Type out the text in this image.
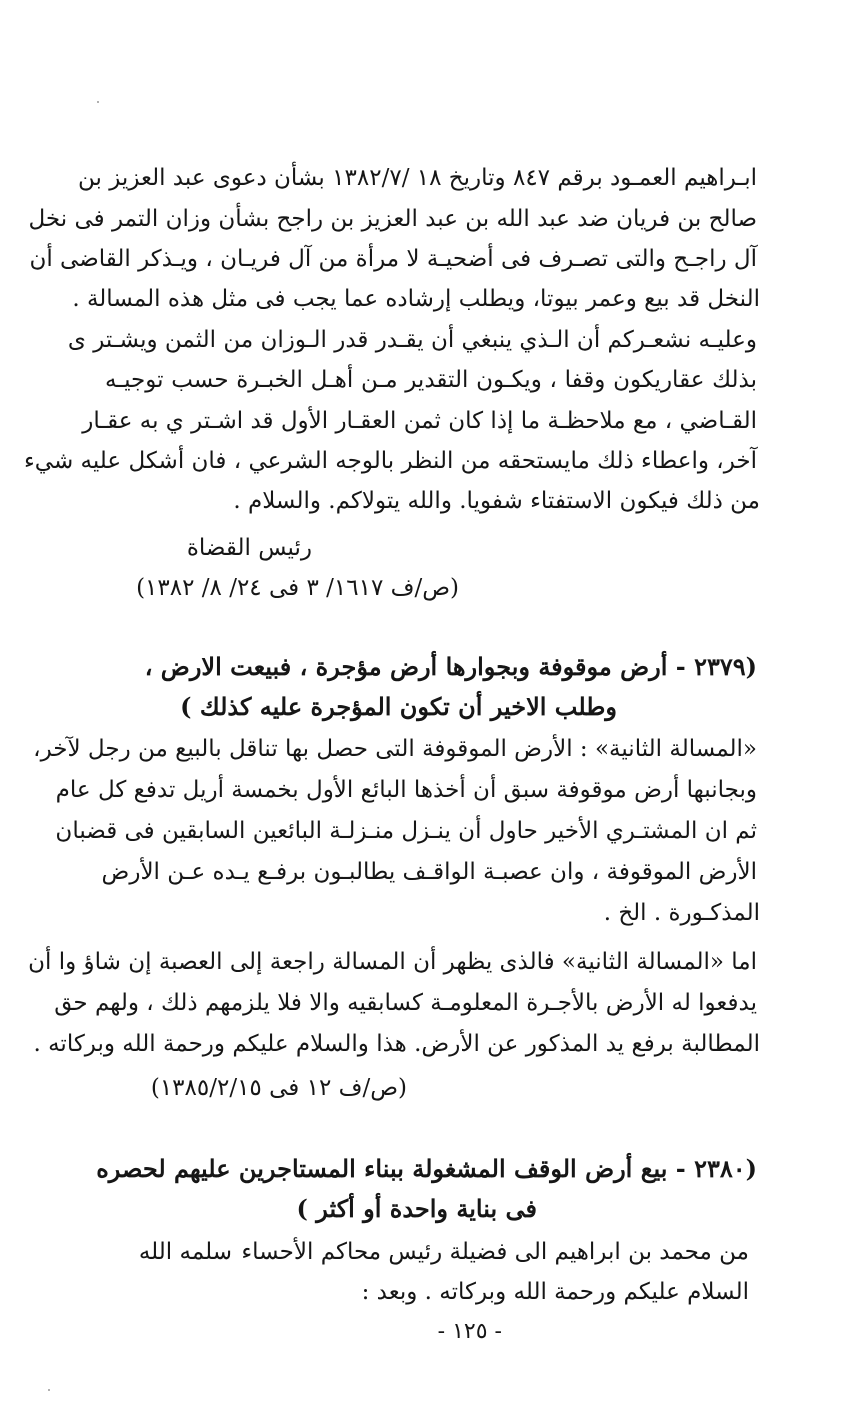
ابـراهيم العمـود برقم ٨٤٧ وتاريخ ١٨ /١٣٨٢/٧ بشأن دعوى عبد العزيز بن
صالح بن فريان ضد عبد الله بن عبد العزيز بن راجح بشأن وزان التمر فى نخل
آل راجـح والتى تصـرف فى أضحيـة لا مرأة من آل فريـان ، ويـذكر القاضى أن
النخل قد بيع وعمر بيوتا، ويطلب إرشاده عما يجب فى مثل هذه المسالة .
وعليـه نشعـركم أن الـذي ينبغي أن يقـدر قدر الـوزان من الثمن ويشـتر ى
بذلك عقاريكون وقفا ، ويكـون التقدير مـن أهـل الخبـرة حسب توجيـه
القـاضي ، مع ملاحظـة ما إذا كان ثمن العقـار الأول قد اشـتر ي به عقـار
آخر، واعطاء ذلك مايستحقه من النظر بالوجه الشرعي ، فان أشكل عليه شيء
من ذلك فيكون الاستفتاء شفويا. والله يتولاكم. والسلام .
رئيس القضاة
(ص/ف ١٦١٧/ ٣ فى ٢٤/ ٨/ ١٣٨٢)
(٢٣٧٩ - أرض موقوفة وبجوارها أرض مؤجرة ، فبيعت الارض ،
وطلب الاخير أن تكون المؤجرة عليه كذلك )
«المسالة الثانية» : الأرض الموقوفة التى حصل بها تناقل بالبيع من رجل لآخر،
وبجانبها أرض موقوفة سبق أن أخذها البائع الأول بخمسة أريل تدفع كل عام
ثم ان المشتـري الأخير حاول أن ينـزل منـزلـة البائعين السابقين فى قضبان
الأرض الموقوفة ، وان عصبـة الواقـف يطالبـون برفـع يـده عـن الأرض
المذكـورة . الخ .
اما «المسالة الثانية» فالذى يظهر أن المسالة راجعة إلى العصبة إن شاؤ وا أن
يدفعوا له الأرض بالأجـرة المعلومـة كسابقيه والا فلا يلزمهم ذلك ، ولهم حق
المطالبة برفع يد المذكور عن الأرض. هذا والسلام عليكم ورحمة الله وبركاته .
(ص/ف ١٢ فى ١٣٨٥/٢/١٥)
(٢٣٨٠ - بيع أرض الوقف المشغولة ببناء المستاجرين عليهم لحصره
فى بناية واحدة أو أكثر )
من محمد بن ابراهيم الى فضيلة رئيس محاكم الأحساء
سلمه الله
السلام عليكم ورحمة الله وبركاته . وبعد :
- ١٢٥ -
